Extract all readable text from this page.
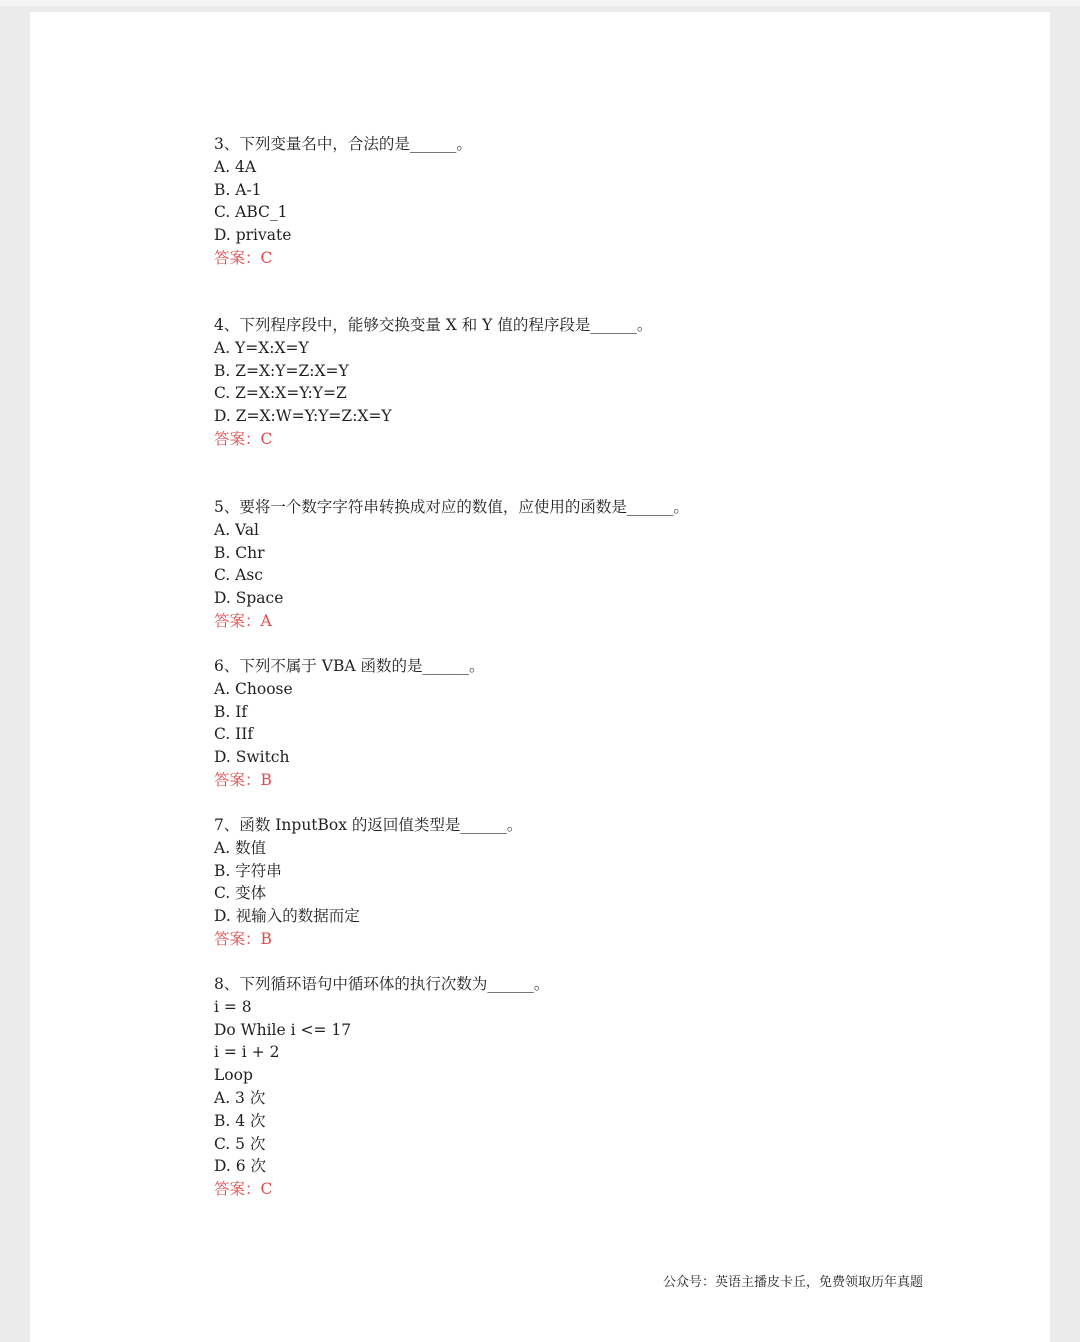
3、下列变量名中，合法的是______。
A. 4A
B. A-1
C. ABC_1
D. private
答案：C
4、下列程序段中，能够交换变量 X 和 Y 值的程序段是______。
A. Y=X:X=Y
B. Z=X:Y=Z:X=Y
C. Z=X:X=Y:Y=Z
D. Z=X:W=Y:Y=Z:X=Y
答案：C
5、要将一个数字字符串转换成对应的数值，应使用的函数是______。
A. Val
B. Chr
C. Asc
D. Space
答案：A
6、下列不属于 VBA 函数的是______。
A. Choose
B. If
C. IIf
D. Switch
答案：B
7、函数 InputBox 的返回值类型是______。
A. 数值
B. 字符串
C. 变体
D. 视输入的数据而定
答案：B
8、下列循环语句中循环体的执行次数为______。
i = 8
Do While i <= 17
i = i + 2
Loop
A. 3 次
B. 4 次
C. 5 次
D. 6 次
答案：C
公众号：英语主播皮卡丘，免费领取历年真题
